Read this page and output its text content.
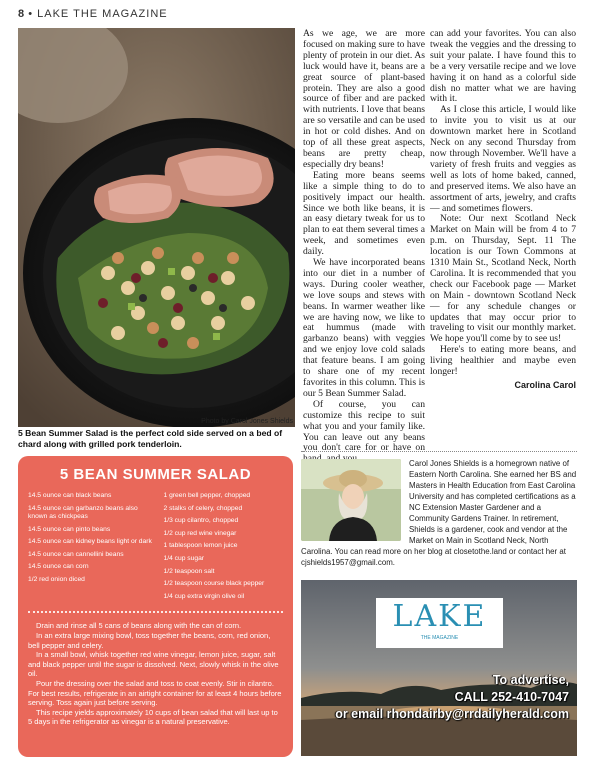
8 • LAKE THE MAGAZINE
Photo by Carol Jones Shields
5 Bean Summer Salad is the perfect cold side served on a bed of chard along with grilled pork tenderloin.

As we age, we are more focused on making sure to have plenty of protein in our diet. As luck would have it, beans are a great source of plant-based protein. They are also a good source of fiber and are packed with nutrients. I love that beans are so versatile and can be used in hot or cold dishes. And on top of all these great aspects, beans are pretty cheap, especially dry beans!

Eating more beans seems like a simple thing to do to positively impact our health. Since we both like beans, it is an easy dietary tweak for us to plan to eat them several times a week, and sometimes even daily.

We have incorporated beans into our diet in a number of ways. During cooler weather, we love soups and stews with beans. In warmer weather like we are having now, we like to eat hummus (made with garbanzo beans) with veggies and we enjoy love cold salads that feature beans. I am going to share one of my recent favorites in this column. This is our 5 Bean Summer Salad.

Of course, you can customize this recipe to suit what you and your family like. You can leave out any beans you don't care for or have on

can add your favorites. You can also tweak the veggies and the dressing to suit your palate. I have found this to be a very versatile recipe and we love having it on hand as a colorful side dish no matter what we are having with it.

As I close this article, I would like to invite you to visit us at our downtown market here in Scotland Neck on any second Thursday from now through November. We'll have a variety of fresh fruits and veggies as well as lots of home baked, canned, and preserved items. We also have an assortment of arts, jewelry, and crafts — and sometimes flowers.

Note: Our next Scotland Neck Market on Main will be from 4 to 7 p.m. on Thursday, Sept. 11 The location is our Town Commons at 1310 Main St., Scotland Neck, North Carolina. It is recommended that you check our Facebook page — Market on Main - downtown Scotland Neck — for any schedule changes or updates that may occur prior to traveling to visit our monthly market. We hope you'll come by to see us!

Here's to eating more beans, and living healthier and maybe even longer!

Carolina Carol

5 BEAN SUMMER SALAD
14.5 ounce can black beans
14.5 ounce can garbanzo beans also known as chickpeas
14.5 ounce can pinto beans
14.5 ounce can kidney beans light or dark
14.5 ounce can cannellini beans
14.5 ounce can corn
1/2 red onion diced
1 green bell pepper, chopped
2 stalks of celery, chopped
1/3 cup cilantro, chopped
1/2 cup red wine vinegar
1 tablespoon lemon juice
1/4 cup sugar
1/2 teaspoon salt
1/2 teaspoon course black pepper
1/4 cup extra virgin olive oil

Drain and rinse all 5 cans of beans along with the can of corn.

In an extra large mixing bowl, toss together the beans, corn, red onion, bell pepper and celery.

In a small bowl, whisk together red wine vinegar, lemon juice, sugar, salt and black pepper until the sugar is dissolved. Next, slowly whisk in the olive oil.

Pour the dressing over the salad and toss to coat evenly. Stir in cilantro. For best results, refrigerate in an airtight container for at least 4 hours before serving. Toss again just before serving.

This recipe yields approximately 10 cups of bean salad that will last up to 5 days in the refrigerator as vinegar is a natural preservative.

Carol Jones Shields is a homegrown native of Eastern North Carolina. She earned her BS and Masters in Health Education from East Carolina University and has completed certifications as a NC Extension Master Gardener and a Community Gardens Trainer. In retirement, Shields is a gardener, cook and vendor at the Market on Main in Scotland Neck, North Carolina. You can read more on her blog at closetothe.land or contact her at cjshields1957@gmail.com.
LAKE
THE MAGAZINE
To advertise,
CALL 252-410-7047
or email rhondairby@rrdailyherald.com
